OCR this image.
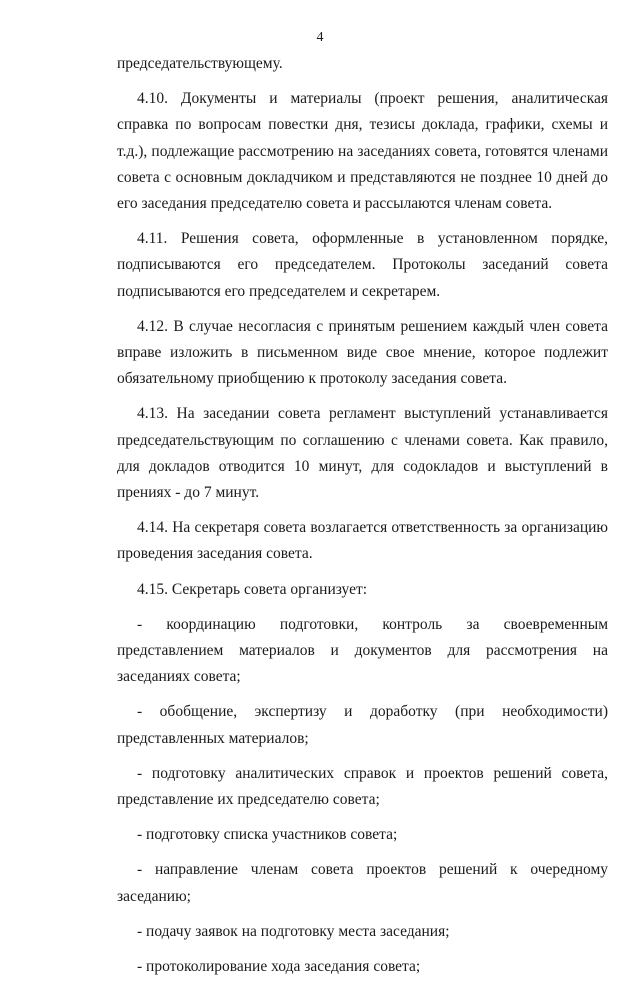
4

председательствующему.

4.10. Документы и материалы (проект решения, аналитическая справка по вопросам повестки дня, тезисы доклада, графики, схемы и т.д.), подлежащие рассмотрению на заседаниях совета, готовятся членами совета с основным докладчиком и представляются не позднее 10 дней до его заседания председателю совета и рассылаются членам совета.

4.11. Решения совета, оформленные в установленном порядке, подписываются его председателем. Протоколы заседаний совета подписываются его председателем и секретарем.

4.12. В случае несогласия с принятым решением каждый член совета вправе изложить в письменном виде свое мнение, которое подлежит обязательному приобщению к протоколу заседания совета.

4.13. На заседании совета регламент выступлений устанавливается председательствующим по соглашению с членами совета. Как правило, для докладов отводится 10 минут, для содокладов и выступлений в прениях - до 7 минут.

4.14. На секретаря совета возлагается ответственность за организацию проведения заседания совета.

4.15. Секретарь совета организует:

- координацию подготовки, контроль за своевременным представлением материалов и документов для рассмотрения на заседаниях совета;

- обобщение, экспертизу и доработку (при необходимости) представленных материалов;

- подготовку аналитических справок и проектов решений совета, представление их председателю совета;

- подготовку списка участников совета;

- направление членам совета проектов решений к очередному заседанию;

- подачу заявок на подготовку места заседания;

- протоколирование хода заседания совета;
